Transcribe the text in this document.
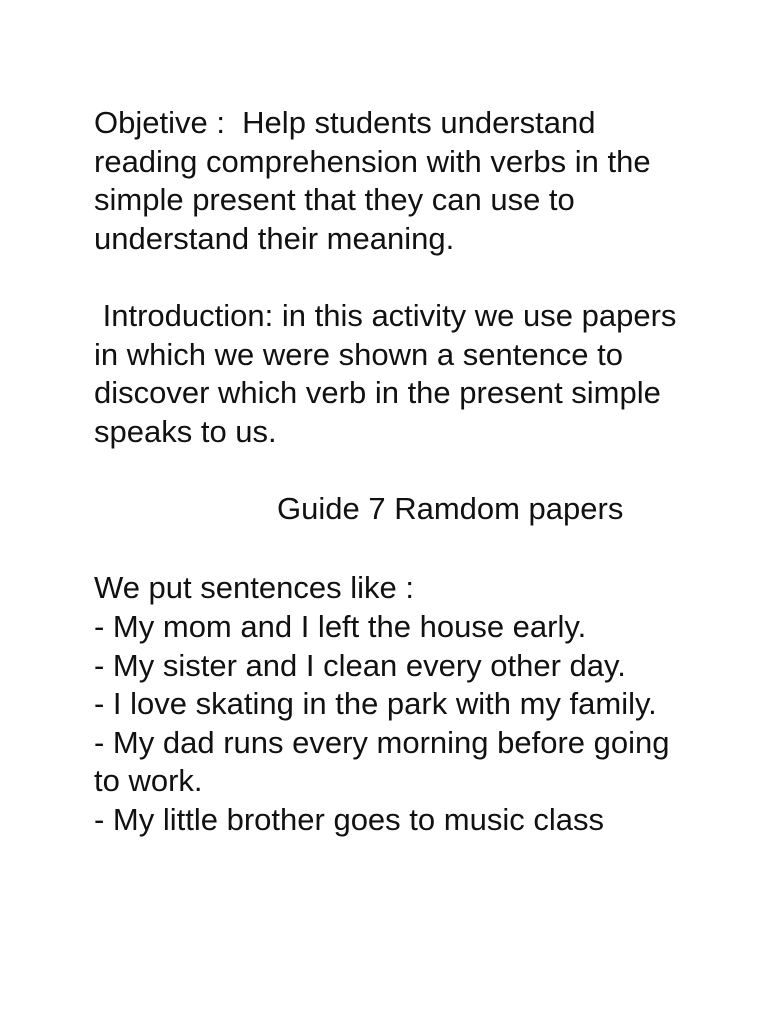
Objetive :  Help students understand reading comprehension with verbs in the simple present that they can use to understand their meaning.

Introduction: in this activity we use papers in which we were shown a sentence to discover which verb in the present simple speaks to us.

Guide 7 Ramdom papers

We put sentences like :

- My mom and I left the house early.
- My sister and I clean every other day.
- I love skating in the park with my family.
- My dad runs every morning before going to work.
- My little brother goes to music class
